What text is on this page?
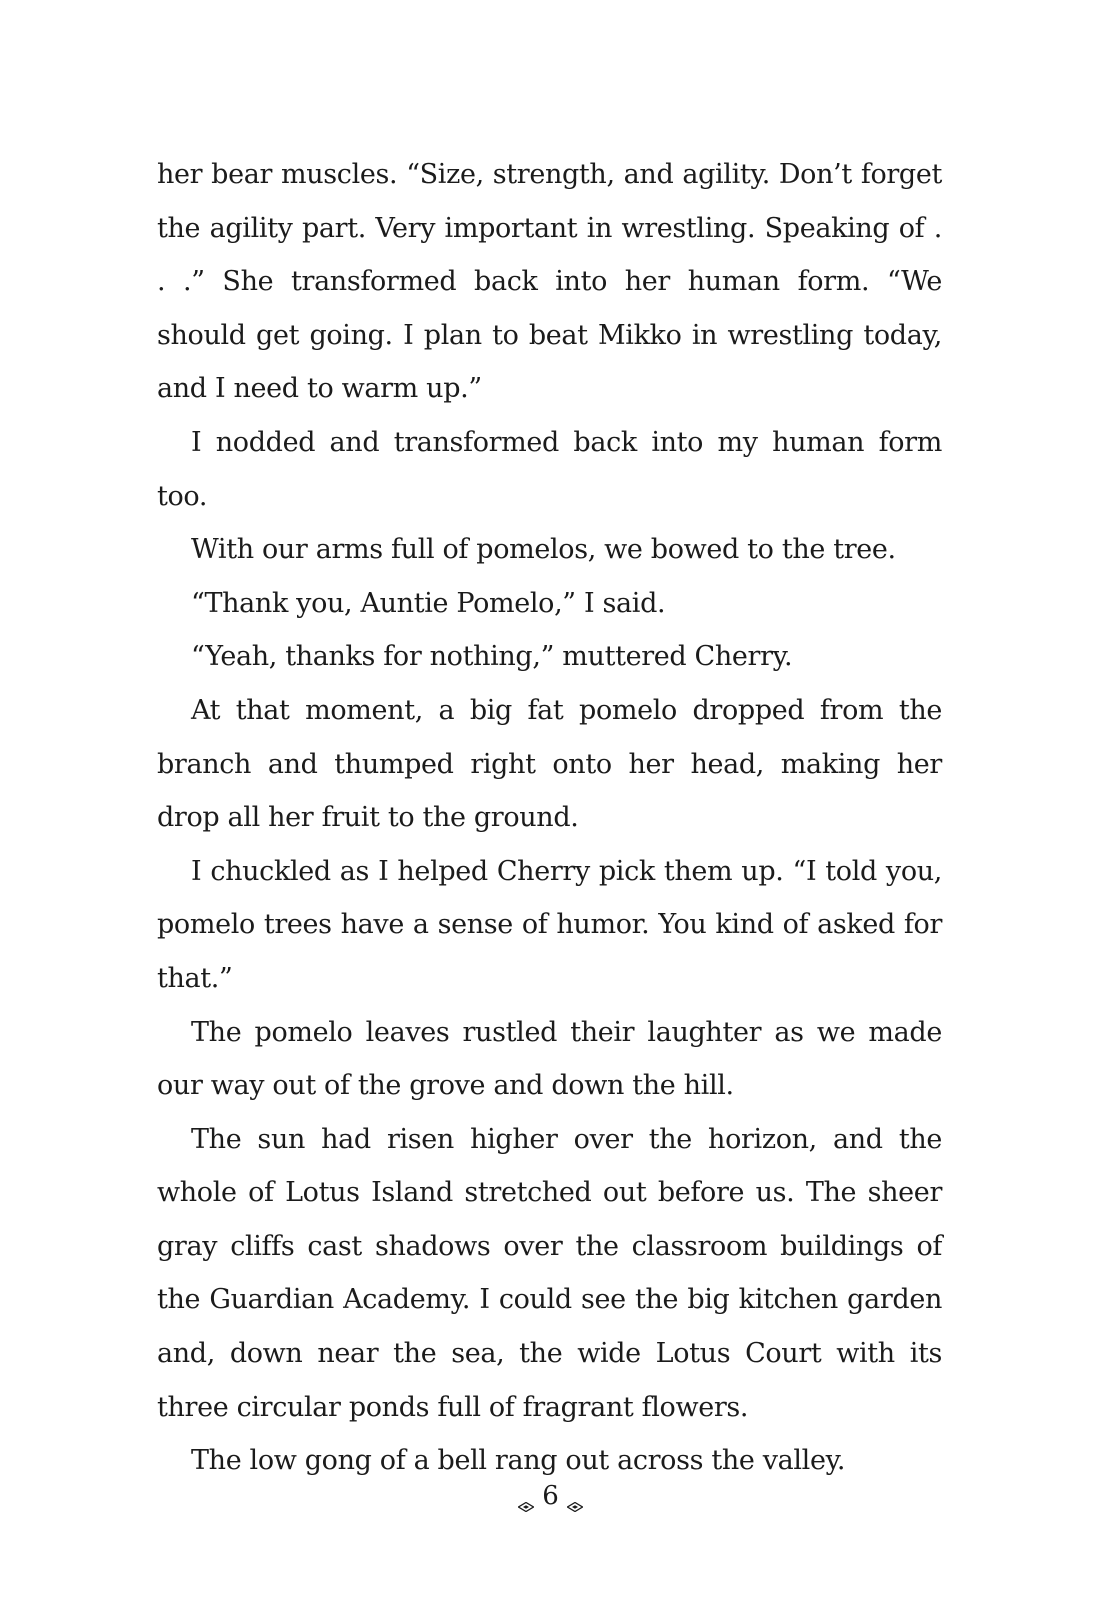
her bear muscles. “Size, strength, and agility. Don’t forget the agility part. Very important in wrestling. Speaking of . . .” She transformed back into her human form. “We should get going. I plan to beat Mikko in wrestling today, and I need to warm up.”

I nodded and transformed back into my human form too.

With our arms full of pomelos, we bowed to the tree.

“Thank you, Auntie Pomelo,” I said.

“Yeah, thanks for nothing,” muttered Cherry.

At that moment, a big fat pomelo dropped from the branch and thumped right onto her head, making her drop all her fruit to the ground.

I chuckled as I helped Cherry pick them up. “I told you, pomelo trees have a sense of humor. You kind of asked for that.”

The pomelo leaves rustled their laughter as we made our way out of the grove and down the hill.

The sun had risen higher over the horizon, and the whole of Lotus Island stretched out before us. The sheer gray cliffs cast shadows over the classroom buildings of the Guardian Academy. I could see the big kitchen garden and, down near the sea, the wide Lotus Court with its three circular ponds full of fragrant flowers.

The low gong of a bell rang out across the valley.

6
